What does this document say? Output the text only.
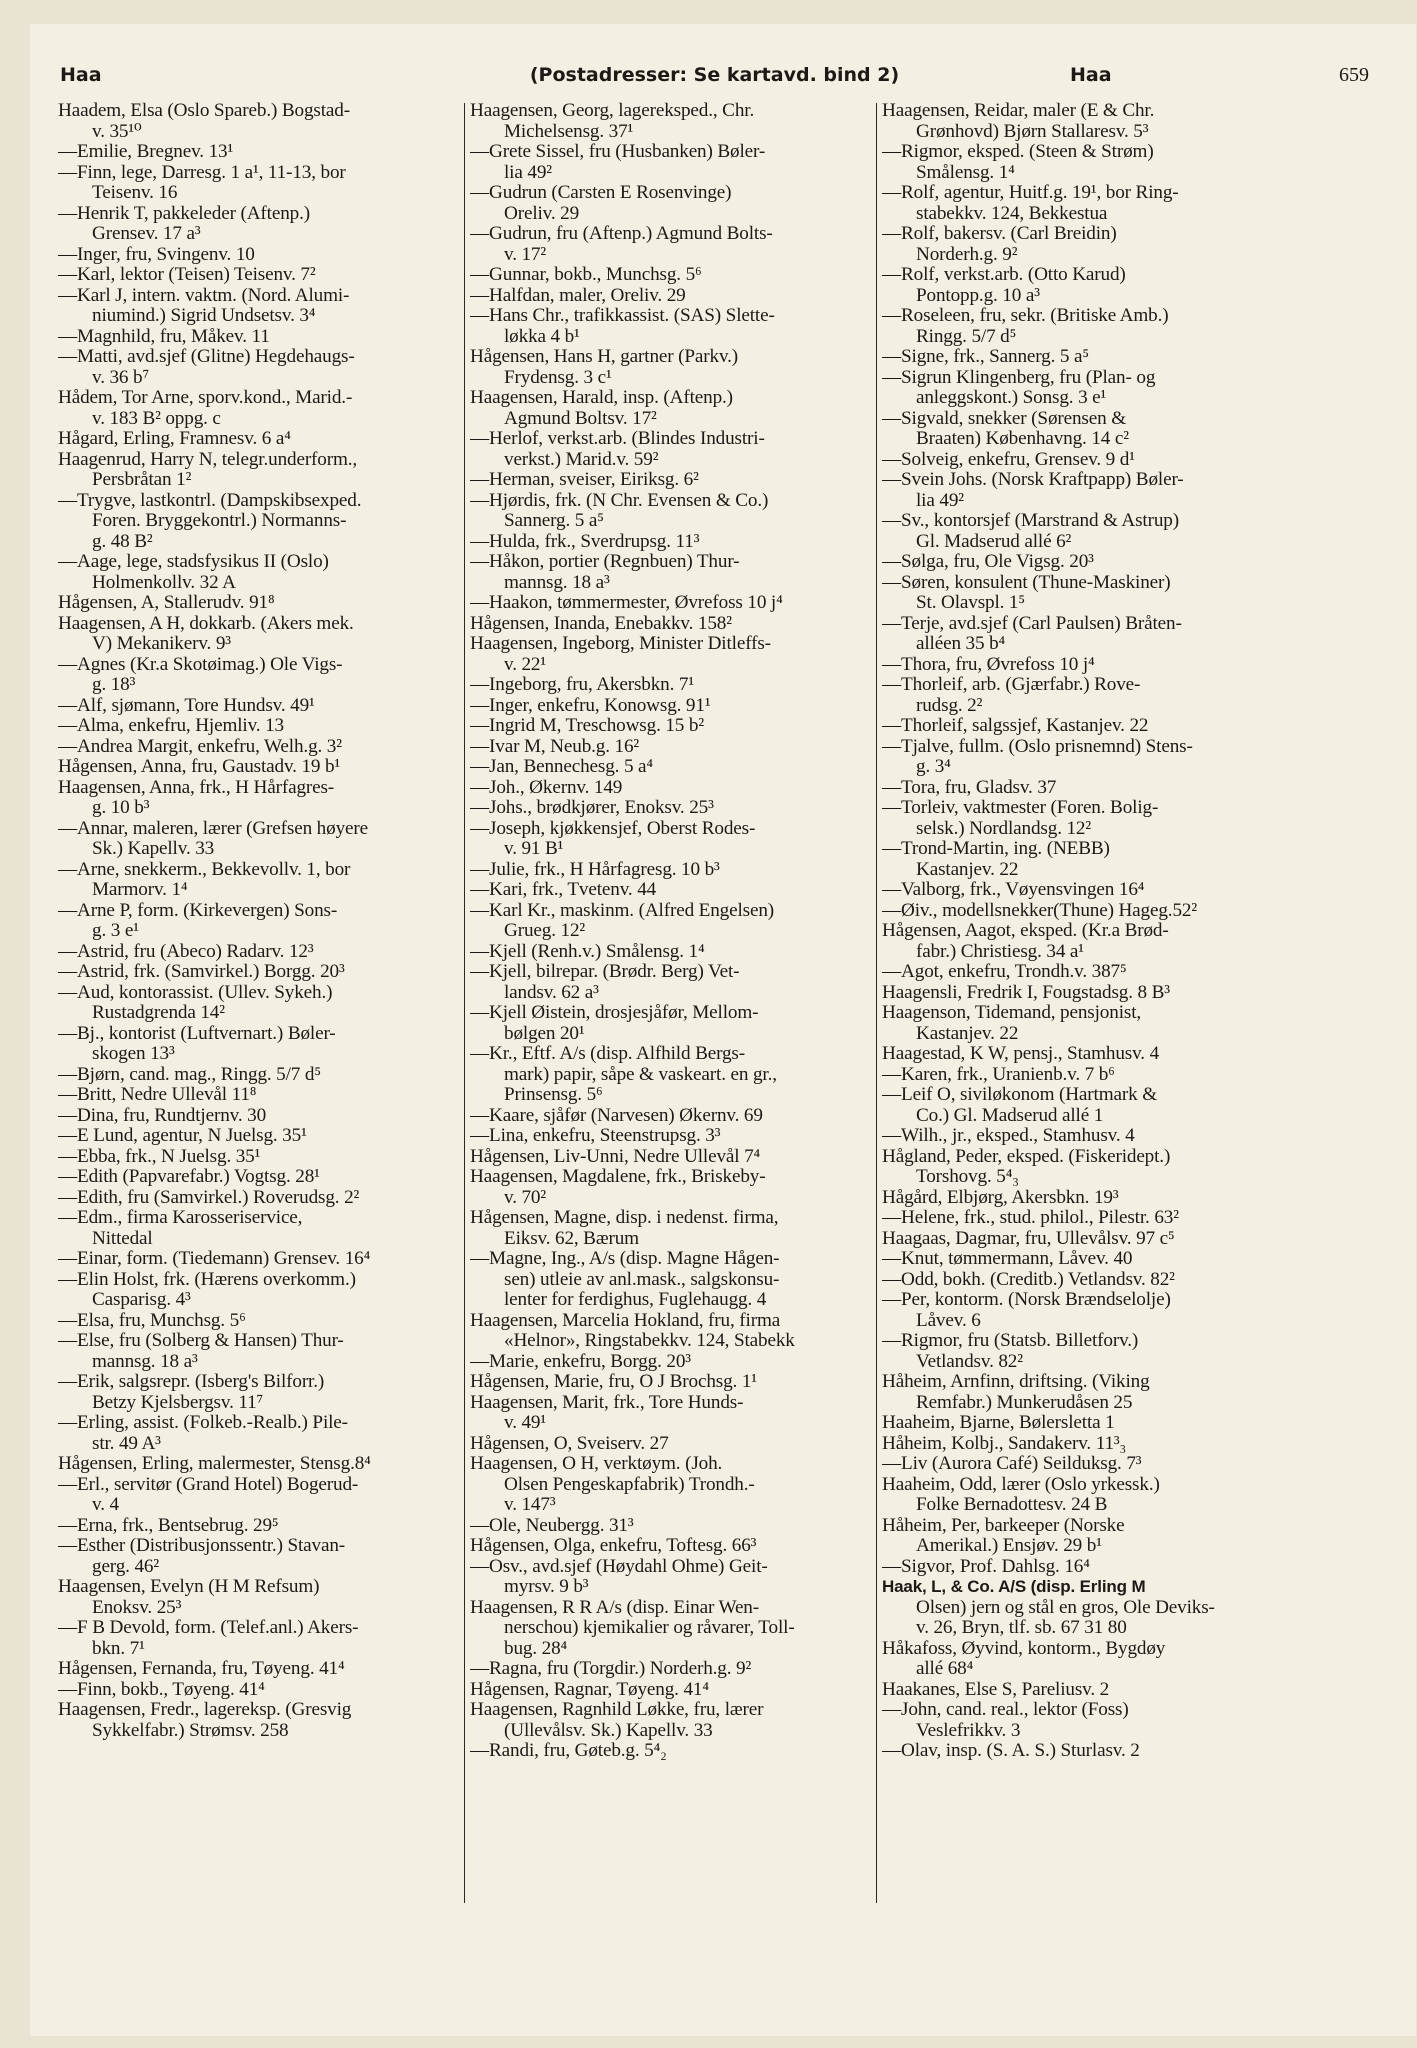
Haa	(Postadresser: Se kartavd. bind 2)	Haa	659
Haadem, Elsa (Oslo Spareb.) Bogstad-
v. 35¹⁰
—Emilie, Bregnev. 13¹
—Finn, lege, Darresg. 1 a¹, 11-13, bor
Teisenv. 16
—Henrik T, pakkeleder (Aftenp.)
Grensev. 17 a³
—Inger, fru, Svingenv. 10
—Karl, lektor (Teisen) Teisenv. 7²
—Karl J, intern. vaktm. (Nord. Alumi-
niumind.) Sigrid Undsetsv. 3⁴
—Magnhild, fru, Måkev. 11
—Matti, avd.sjef (Glitne) Hegdehaugs-
v. 36 b⁷
Hådem, Tor Arne, sporv.kond., Marid.-
v. 183 B² oppg. c
Hågard, Erling, Framnesv. 6 a⁴
Haagenrud, Harry N, telegr.underform.,
Persbråtan 1²
—Trygve, lastkontrl. (Dampskibsexped.
Foren. Bryggekontrl.) Normanns-
g. 48 B²
—Aage, lege, stadsfysikus II (Oslo)
Holmenkollv. 32 A
Hågensen, A, Stallerudv. 91⁸
Haagensen, A H, dokkarb. (Akers mek.
V) Mekanikerv. 9³
—Agnes (Kr.a Skotøimag.) Ole Vigs-
g. 18³
—Alf, sjømann, Tore Hundsv. 49¹
—Alma, enkefru, Hjemliv. 13
—Andrea Margit, enkefru, Welh.g. 3²
Hågensen, Anna, fru, Gaustadv. 19 b¹
Haagensen, Anna, frk., H Hårfagres-
g. 10 b³
—Annar, maleren, lærer (Grefsen høyere
Sk.) Kapellv. 33
—Arne, snekkerm., Bekkevollv. 1, bor
Marmorv. 1⁴
—Arne P, form. (Kirkevergen) Sons-
g. 3 e¹
—Astrid, fru (Abeco) Radarv. 12³
—Astrid, frk. (Samvirkel.) Borgg. 20³
—Aud, kontorassist. (Ullev. Sykeh.)
Rustadgrenda 14²
—Bj., kontorist (Luftvernart.) Bøler-
skogen 13³
—Bjørn, cand. mag., Ringg. 5/7 d⁵
—Britt, Nedre Ullevål 11⁸
—Dina, fru, Rundtjernv. 30
—E Lund, agentur, N Juelsg. 35¹
—Ebba, frk., N Juelsg. 35¹
—Edith (Papvarefabr.) Vogtsg. 28¹
—Edith, fru (Samvirkel.) Roverudsg. 2²
—Edm., firma Karosseriservice,
Nittedal
—Einar, form. (Tiedemann) Grensev. 16⁴
—Elin Holst, frk. (Hærens overkomm.)
Casparisg. 4³
—Elsa, fru, Munchsg. 5⁶
—Else, fru (Solberg & Hansen) Thur-
mannsg. 18 a³
—Erik, salgsrepr. (Isberg's Bilforr.)
Betzy Kjelsbergsv. 11⁷
—Erling, assist. (Folkeb.-Realb.) Pile-
str. 49 A³
Hågensen, Erling, malermester, Stensg.8⁴
—Erl., servitør (Grand Hotel) Bogerud-
v. 4
—Erna, frk., Bentsebrug. 29⁵
—Esther (Distribusjonssentr.) Stavan-
gerg. 46²
Haagensen, Evelyn (H M Refsum)
Enoksv. 25³
—F B Devold, form. (Telef.anl.) Akers-
bkn. 7¹
Hågensen, Fernanda, fru, Tøyeng. 41⁴
—Finn, bokb., Tøyeng. 41⁴
Haagensen, Fredr., lagereksp. (Gresvig
Sykkelfabr.) Strømsv. 258
Haagensen, Georg, lagereksped., Chr.
Michelsensg. 37¹
—Grete Sissel, fru (Husbanken) Bøler-
lia 49²
—Gudrun (Carsten E Rosenvinge)
Oreliv. 29
—Gudrun, fru (Aftenp.) Agmund Bolts-
v. 17²
—Gunnar, bokb., Munchsg. 5⁶
—Halfdan, maler, Oreliv. 29
—Hans Chr., trafikkassist. (SAS) Slette-
løkka 4 b¹
Hågensen, Hans H, gartner (Parkv.)
Frydensg. 3 c¹
Haagensen, Harald, insp. (Aftenp.)
Agmund Boltsv. 17²
—Herlof, verkst.arb. (Blindes Industri-
verkst.) Marid.v. 59²
—Herman, sveiser, Eiriksg. 6²
—Hjørdis, frk. (N Chr. Evensen & Co.)
Sannerg. 5 a⁵
—Hulda, frk., Sverdrupsg. 11³
—Håkon, portier (Regnbuen) Thur-
mannsg. 18 a³
—Haakon, tømmermester, Øvrefoss 10 j⁴
Hågensen, Inanda, Enebakkv. 158²
Haagensen, Ingeborg, Minister Ditleffs-
v. 22¹
—Ingeborg, fru, Akersbkn. 7¹
—Inger, enkefru, Konowsg. 91¹
—Ingrid M, Treschowsg. 15 b²
—Ivar M, Neub.g. 16²
—Jan, Bennechesg. 5 a⁴
—Joh., Økernv. 149
—Johs., brødkjører, Enoksv. 25³
—Joseph, kjøkkensjef, Oberst Rodes-
v. 91 B¹
—Julie, frk., H Hårfagresg. 10 b³
—Kari, frk., Tvetenv. 44
—Karl Kr., maskinm. (Alfred Engelsen)
Grueg. 12²
—Kjell (Renh.v.) Smålensg. 1⁴
—Kjell, bilrepar. (Brødr. Berg) Vet-
landsv. 62 a³
—Kjell Øistein, drosjesjåfør, Mellom-
bølgen 20¹
—Kr., Eftf. A/s (disp. Alfhild Bergs-
mark) papir, såpe & vaskeart. en gr.,
Prinsensg. 5⁶
—Kaare, sjåfør (Narvesen) Økernv. 69
—Lina, enkefru, Steenstrupsg. 3³
Hågensen, Liv-Unni, Nedre Ullevål 7⁴
Haagensen, Magdalene, frk., Briskeby-
v. 70²
Hågensen, Magne, disp. i nedenst. firma,
Eiksv. 62, Bærum
—Magne, Ing., A/s (disp. Magne Hågen-
sen) utleie av anl.mask., salgskonsu-
lenter for ferdighus, Fuglehaugg. 4
Haagensen, Marcelia Hokland, fru, firma
«Helnor», Ringstabekkv. 124, Stabekk
—Marie, enkefru, Borgg. 20³
Hågensen, Marie, fru, O J Brochsg. 1¹
Haagensen, Marit, frk., Tore Hunds-
v. 49¹
Hågensen, O, Sveiserv. 27
Haagensen, O H, verktøym. (Joh.
Olsen Pengeskapfabrik) Trondh.-
v. 147³
—Ole, Neubergg. 31³
Hågensen, Olga, enkefru, Toftesg. 66³
—Osv., avd.sjef (Høydahl Ohme) Geit-
myrsv. 9 b³
Haagensen, R R A/s (disp. Einar Wen-
nerschou) kjemikalier og råvarer, Toll-
bug. 28⁴
—Ragna, fru (Torgdir.) Norderh.g. 9²
Hågensen, Ragnar, Tøyeng. 41⁴
Haagensen, Ragnhild Løkke, fru, lærer
(Ullevålsv. Sk.) Kapellv. 33
—Randi, fru, Gøteb.g. 5⁴₂
Haagensen, Reidar, maler (E & Chr.
Grønhovd) Bjørn Stallaresv. 5³
—Rigmor, eksped. (Steen & Strøm)
Smålensg. 1⁴
—Rolf, agentur, Huitf.g. 19¹, bor Ring-
stabekkv. 124, Bekkestua
—Rolf, bakersv. (Carl Breidin)
Norderh.g. 9²
—Rolf, verkst.arb. (Otto Karud)
Pontopp.g. 10 a³
—Roseleen, fru, sekr. (Britiske Amb.)
Ringg. 5/7 d⁵
—Signe, frk., Sannerg. 5 a⁵
—Sigrun Klingenberg, fru (Plan- og
anleggskont.) Sonsg. 3 e¹
—Sigvald, snekker (Sørensen &
Braaten) Københavng. 14 c²
—Solveig, enkefru, Grensev. 9 d¹
—Svein Johs. (Norsk Kraftpapp) Bøler-
lia 49²
—Sv., kontorsjef (Marstrand & Astrup)
Gl. Madserud allé 6²
—Sølga, fru, Ole Vigsg. 20³
—Søren, konsulent (Thune-Maskiner)
St. Olavspl. 1⁵
—Terje, avd.sjef (Carl Paulsen) Bråten-
alléen 35 b⁴
—Thora, fru, Øvrefoss 10 j⁴
—Thorleif, arb. (Gjærfabr.) Rove-
rudsg. 2²
—Thorleif, salgssjef, Kastanjev. 22
—Tjalve, fullm. (Oslo prisnemnd) Stens-
g. 3⁴
—Tora, fru, Gladsv. 37
—Torleiv, vaktmester (Foren. Bolig-
selsk.) Nordlandsg. 12²
—Trond-Martin, ing. (NEBB)
Kastanjev. 22
—Valborg, frk., Vøyensvingen 16⁴
—Øiv., modellsnekker(Thune) Hageg.52²
Hågensen, Aagot, eksped. (Kr.a Brød-
fabr.) Christiesg. 34 a¹
—Agot, enkefru, Trondh.v. 387⁵
Haagensli, Fredrik I, Fougstadsg. 8 B³
Haagenson, Tidemand, pensjonist,
Kastanjev. 22
Haagestad, K W, pensj., Stamhusv. 4
—Karen, frk., Uranienb.v. 7 b⁶
—Leif O, siviløkonom (Hartmark &
Co.) Gl. Madserud allé 1
—Wilh., jr., eksped., Stamhusv. 4
Hågland, Peder, eksped. (Fiskeridept.)
Torshovg. 5⁴₃
Hågård, Elbjørg, Akersbkn. 19³
—Helene, frk., stud. philol., Pilestr. 63²
Haagaas, Dagmar, fru, Ullevålsv. 97 c⁵
—Knut, tømmermann, Låvev. 40
—Odd, bokh. (Creditb.) Vetlandsv. 82²
—Per, kontorm. (Norsk Brændselolje)
Låvev. 6
—Rigmor, fru (Statsb. Billetforv.)
Vetlandsv. 82²
Håheim, Arnfinn, driftsing. (Viking
Remfabr.) Munkerudåsen 25
Haaheim, Bjarne, Bølersletta 1
Håheim, Kolbj., Sandakerv. 11³₃
—Liv (Aurora Café) Seilduksg. 7³
Haaheim, Odd, lærer (Oslo yrkessk.)
Folke Bernadottesv. 24 B
Håheim, Per, barkeeper (Norske
Amerikal.) Ensjøv. 29 b¹
—Sigvor, Prof. Dahlsg. 16⁴
Haak, L, & Co. A/S (disp. Erling M
Olsen) jern og stål en gros, Ole Deviks-
v. 26, Bryn, tlf. sb. 67 31 80
Håkafoss, Øyvind, kontorm., Bygdøy
allé 68⁴
Haakanes, Else S, Pareliusv. 2
—John, cand. real., lektor (Foss)
Veslefrikkv. 3
—Olav, insp. (S. A. S.) Sturlasv. 2
